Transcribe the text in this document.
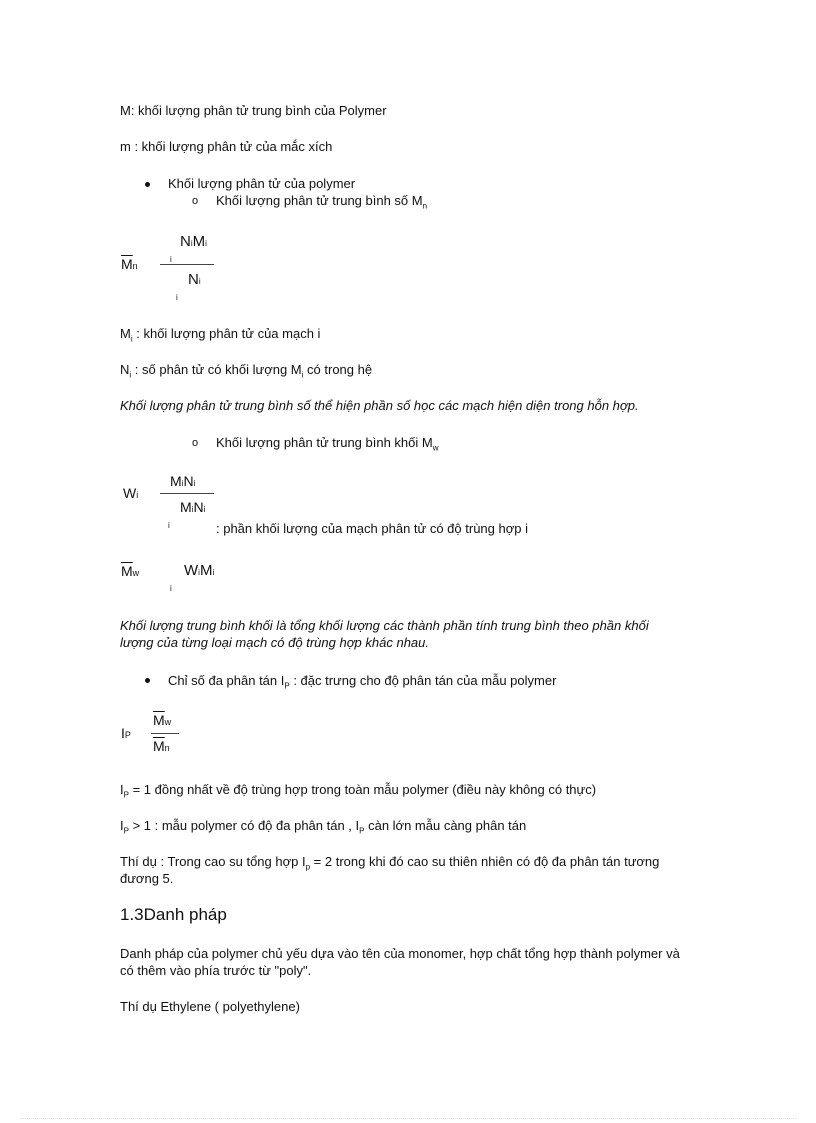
M: khối lượng phân tử trung bình của Polymer
m : khối lượng phân tử của mắc xích
Khối lượng phân tử của polymer
o Khối lượng phân tử trung bình số $M_n$
$\overline{M}n$
NiMi
i
Ni
i
$M_i$ : khối lượng phân tử của mạch i
$N_i$ : số phân tử có khối lượng $M_i$ có trong hệ
Khối lượng phân tử trung bình số thể hiện phần số học các mạch hiện diện trong hỗn hợp.
o Khối lượng phân tử trung bình khối $M_w$
Wi
MiNi
MiNi
i	: phần khối lượng của mạch phân tử có độ trùng hợp i
$\overline{M}w$	WiMi
i
Khối lượng trung bình khối là tổng khối lượng các thành phần tính trung bình theo phần khối
lượng của từng loại mạch có độ trùng hợp khác nhau.
Chỉ số đa phân tán $I_P$ : đặc trưng cho độ phân tán của mẫu polymer
IP
$\overline{M}w$
$\overline{M}n$
$I_P = 1$ đồng nhất về độ trùng hợp trong toàn mẫu polymer (điều này không có thực)
$I_P > 1$ : mẫu polymer có độ đa phân tán , $I_P$ càn lớn mẫu càng phân tán
Thí dụ : Trong cao su tổng hợp $I_p = 2$ trong khi đó cao su thiên nhiên có độ đa phân tán tương
đương 5.
1.3Danh pháp
Danh pháp của polymer chủ yếu dựa vào tên của monomer, hợp chất tổng hợp thành polymer và
có thêm vào phía trước từ "poly".
Thí dụ Ethylene ( polyethylene)
